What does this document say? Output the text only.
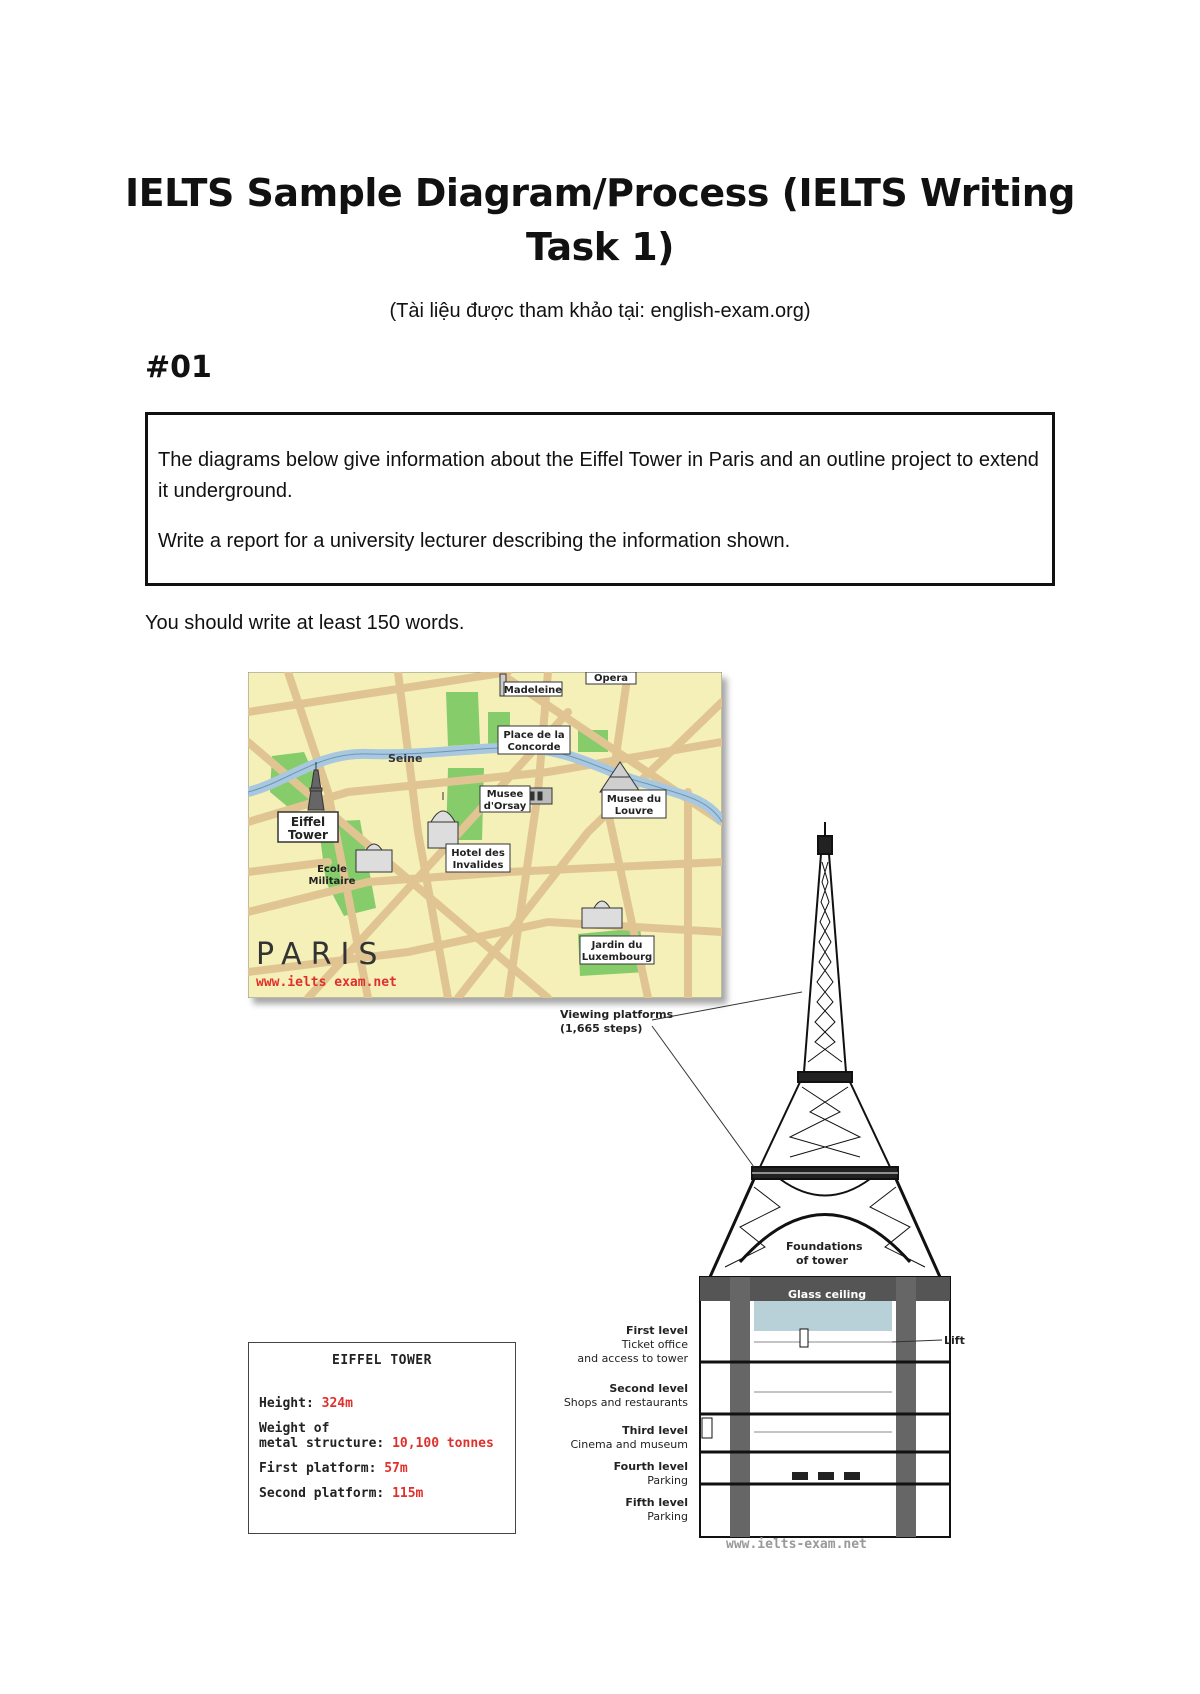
IELTS Sample Diagram/Process (IELTS Writing Task 1)
(Tài liệu được tham khảo tại: english-exam.org)
#01

The diagrams below give information about the Eiffel Tower in Paris and an outline project to extend it underground.

Write a report for a university lecturer describing the information shown.

You should write at least 150 words.
Seine
Madeleine
Opera
Place de la
Concorde
Musee
d'Orsay
Musee du
Louvre
Eiffel
Tower
Hotel des
Invalides
Ecole
Militaire
Jardin du
Luxembourg
PARIS
www.ielts exam.net
EIFFEL TOWER
Height: 324m
Weight of
metal structure: 10,100 tonnes
First platform: 57m
Second platform: 115m
Viewing platforms
(1,665 steps)
Foundations
of tower
Glass ceiling
Lift
First level
Ticket office
and access to tower
Second level
Shops and restaurants
Third level
Cinema and museum
Fourth level
Parking
Fifth level
Parking
www.ielts-exam.net
